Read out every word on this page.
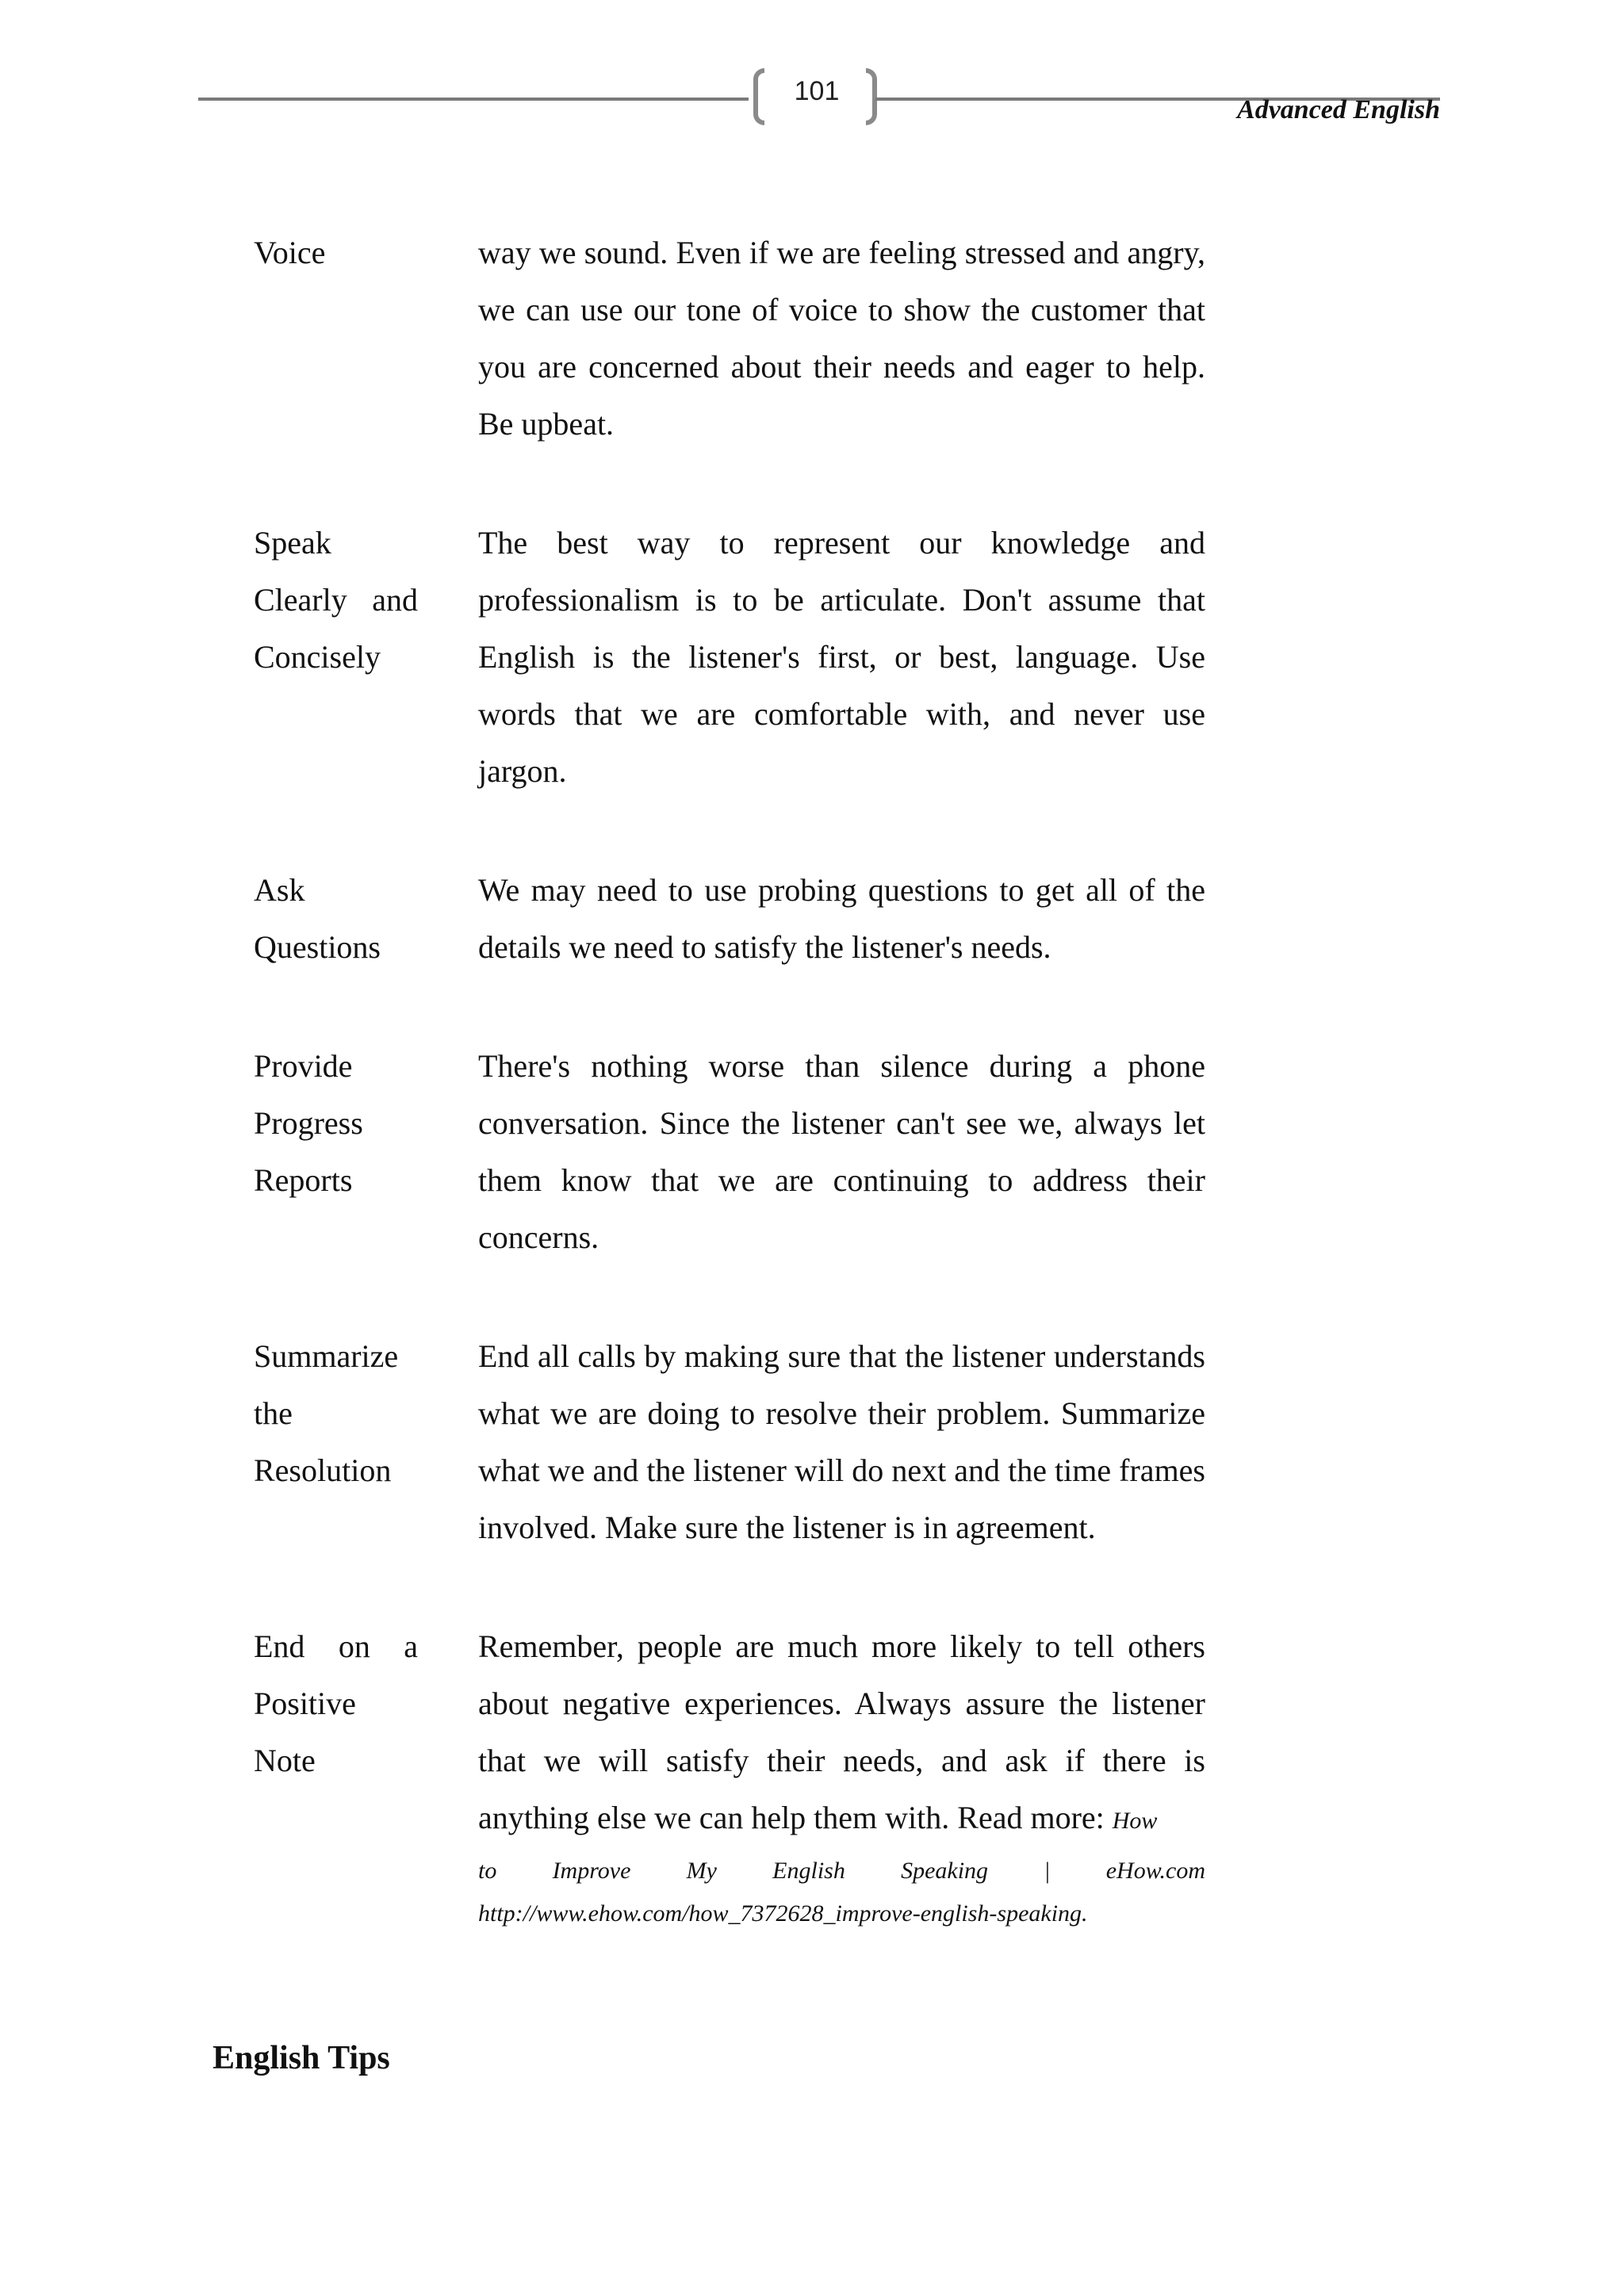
101
Advanced English
Voice	way we sound. Even if we are feeling stressed and angry, we can use our tone of voice to show the customer that you are concerned about their needs and eager to help. Be upbeat.
Speak Clearly and Concisely
The best way to represent our knowledge and professionalism is to be articulate. Don't assume that English is the listener's first, or best, language. Use words that we are comfortable with, and never use jargon.
Ask Questions
We may need to use probing questions to get all of the details we need to satisfy the listener's needs.
Provide Progress Reports
There's nothing worse than silence during a phone conversation. Since the listener can't see we, always let them know that we are continuing to address their concerns.
Summarize the Resolution
End all calls by making sure that the listener understands what we are doing to resolve their problem. Summarize what we and the listener will do next and the time frames involved. Make sure the listener is in agreement.
End on a Positive Note
Remember, people are much more likely to tell others about negative experiences. Always assure the listener that we will satisfy their needs, and ask if there is anything else we can help them with. Read more: How
to Improve My English Speaking | eHow.com
http://www.ehow.com/how_7372628_improve-english-speaking.
English Tips
